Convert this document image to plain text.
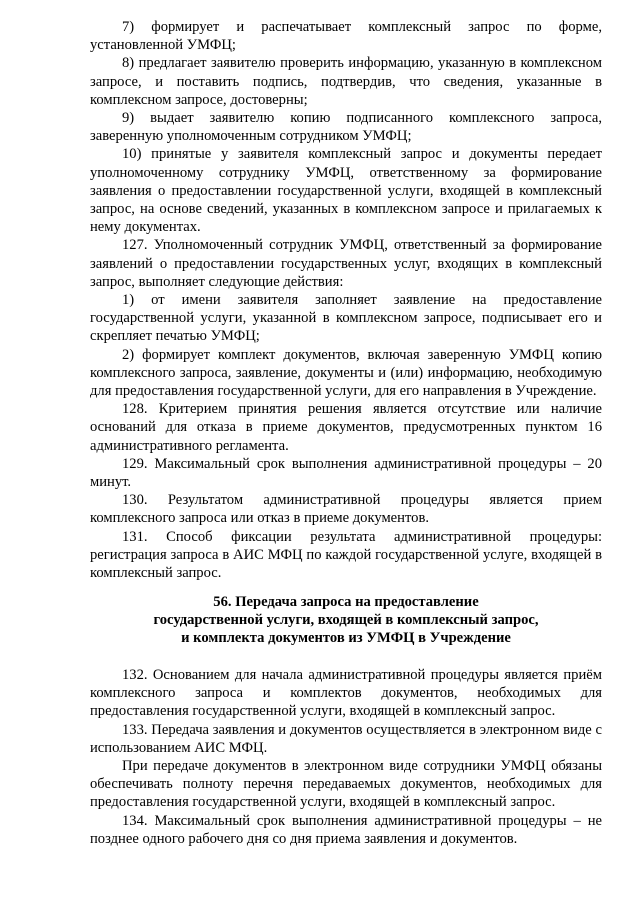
7) формирует и распечатывает комплексный запрос по форме, установленной УМФЦ;

8) предлагает заявителю проверить информацию, указанную в комплексном запросе, и поставить подпись, подтвердив, что сведения, указанные в комплексном запросе, достоверны;

9) выдает заявителю копию подписанного комплексного запроса, заверенную уполномоченным сотрудником УМФЦ;

10) принятые у заявителя комплексный запрос и документы передает уполномоченному сотруднику УМФЦ, ответственному за формирование заявления о предоставлении государственной услуги, входящей в комплексный запрос, на основе сведений, указанных в комплексном запросе и прилагаемых к нему документах.

127. Уполномоченный сотрудник УМФЦ, ответственный за формирование заявлений о предоставлении государственных услуг, входящих в комплексный запрос, выполняет следующие действия:

1) от имени заявителя заполняет заявление на предоставление государственной услуги, указанной в комплексном запросе, подписывает его и скрепляет печатью УМФЦ;

2) формирует комплект документов, включая заверенную УМФЦ копию комплексного запроса, заявление, документы и (или) информацию, необходимую для предоставления государственной услуги, для его направления в Учреждение.

128. Критерием принятия решения является отсутствие или наличие оснований для отказа в приеме документов, предусмотренных пунктом 16 административного регламента.

129. Максимальный срок выполнения административной процедуры – 20 минут.

130. Результатом административной процедуры является прием комплексного запроса или отказ в приеме документов.

131. Способ фиксации результата административной процедуры: регистрация запроса в АИС МФЦ по каждой государственной услуге, входящей в комплексный запрос.

56. Передача запроса на предоставление
государственной услуги, входящей в комплексный запрос,
и комплекта документов из УМФЦ в Учреждение

132. Основанием для начала административной процедуры является приём комплексного запроса и комплектов документов, необходимых для предоставления государственной услуги, входящей в комплексный запрос.

133. Передача заявления и документов осуществляется в электронном виде с использованием АИС МФЦ.

При передаче документов в электронном виде сотрудники УМФЦ обязаны обеспечивать полноту перечня передаваемых документов, необходимых для предоставления государственной услуги, входящей в комплексный запрос.

134. Максимальный срок выполнения административной процедуры – не позднее одного рабочего дня со дня приема заявления и документов.
